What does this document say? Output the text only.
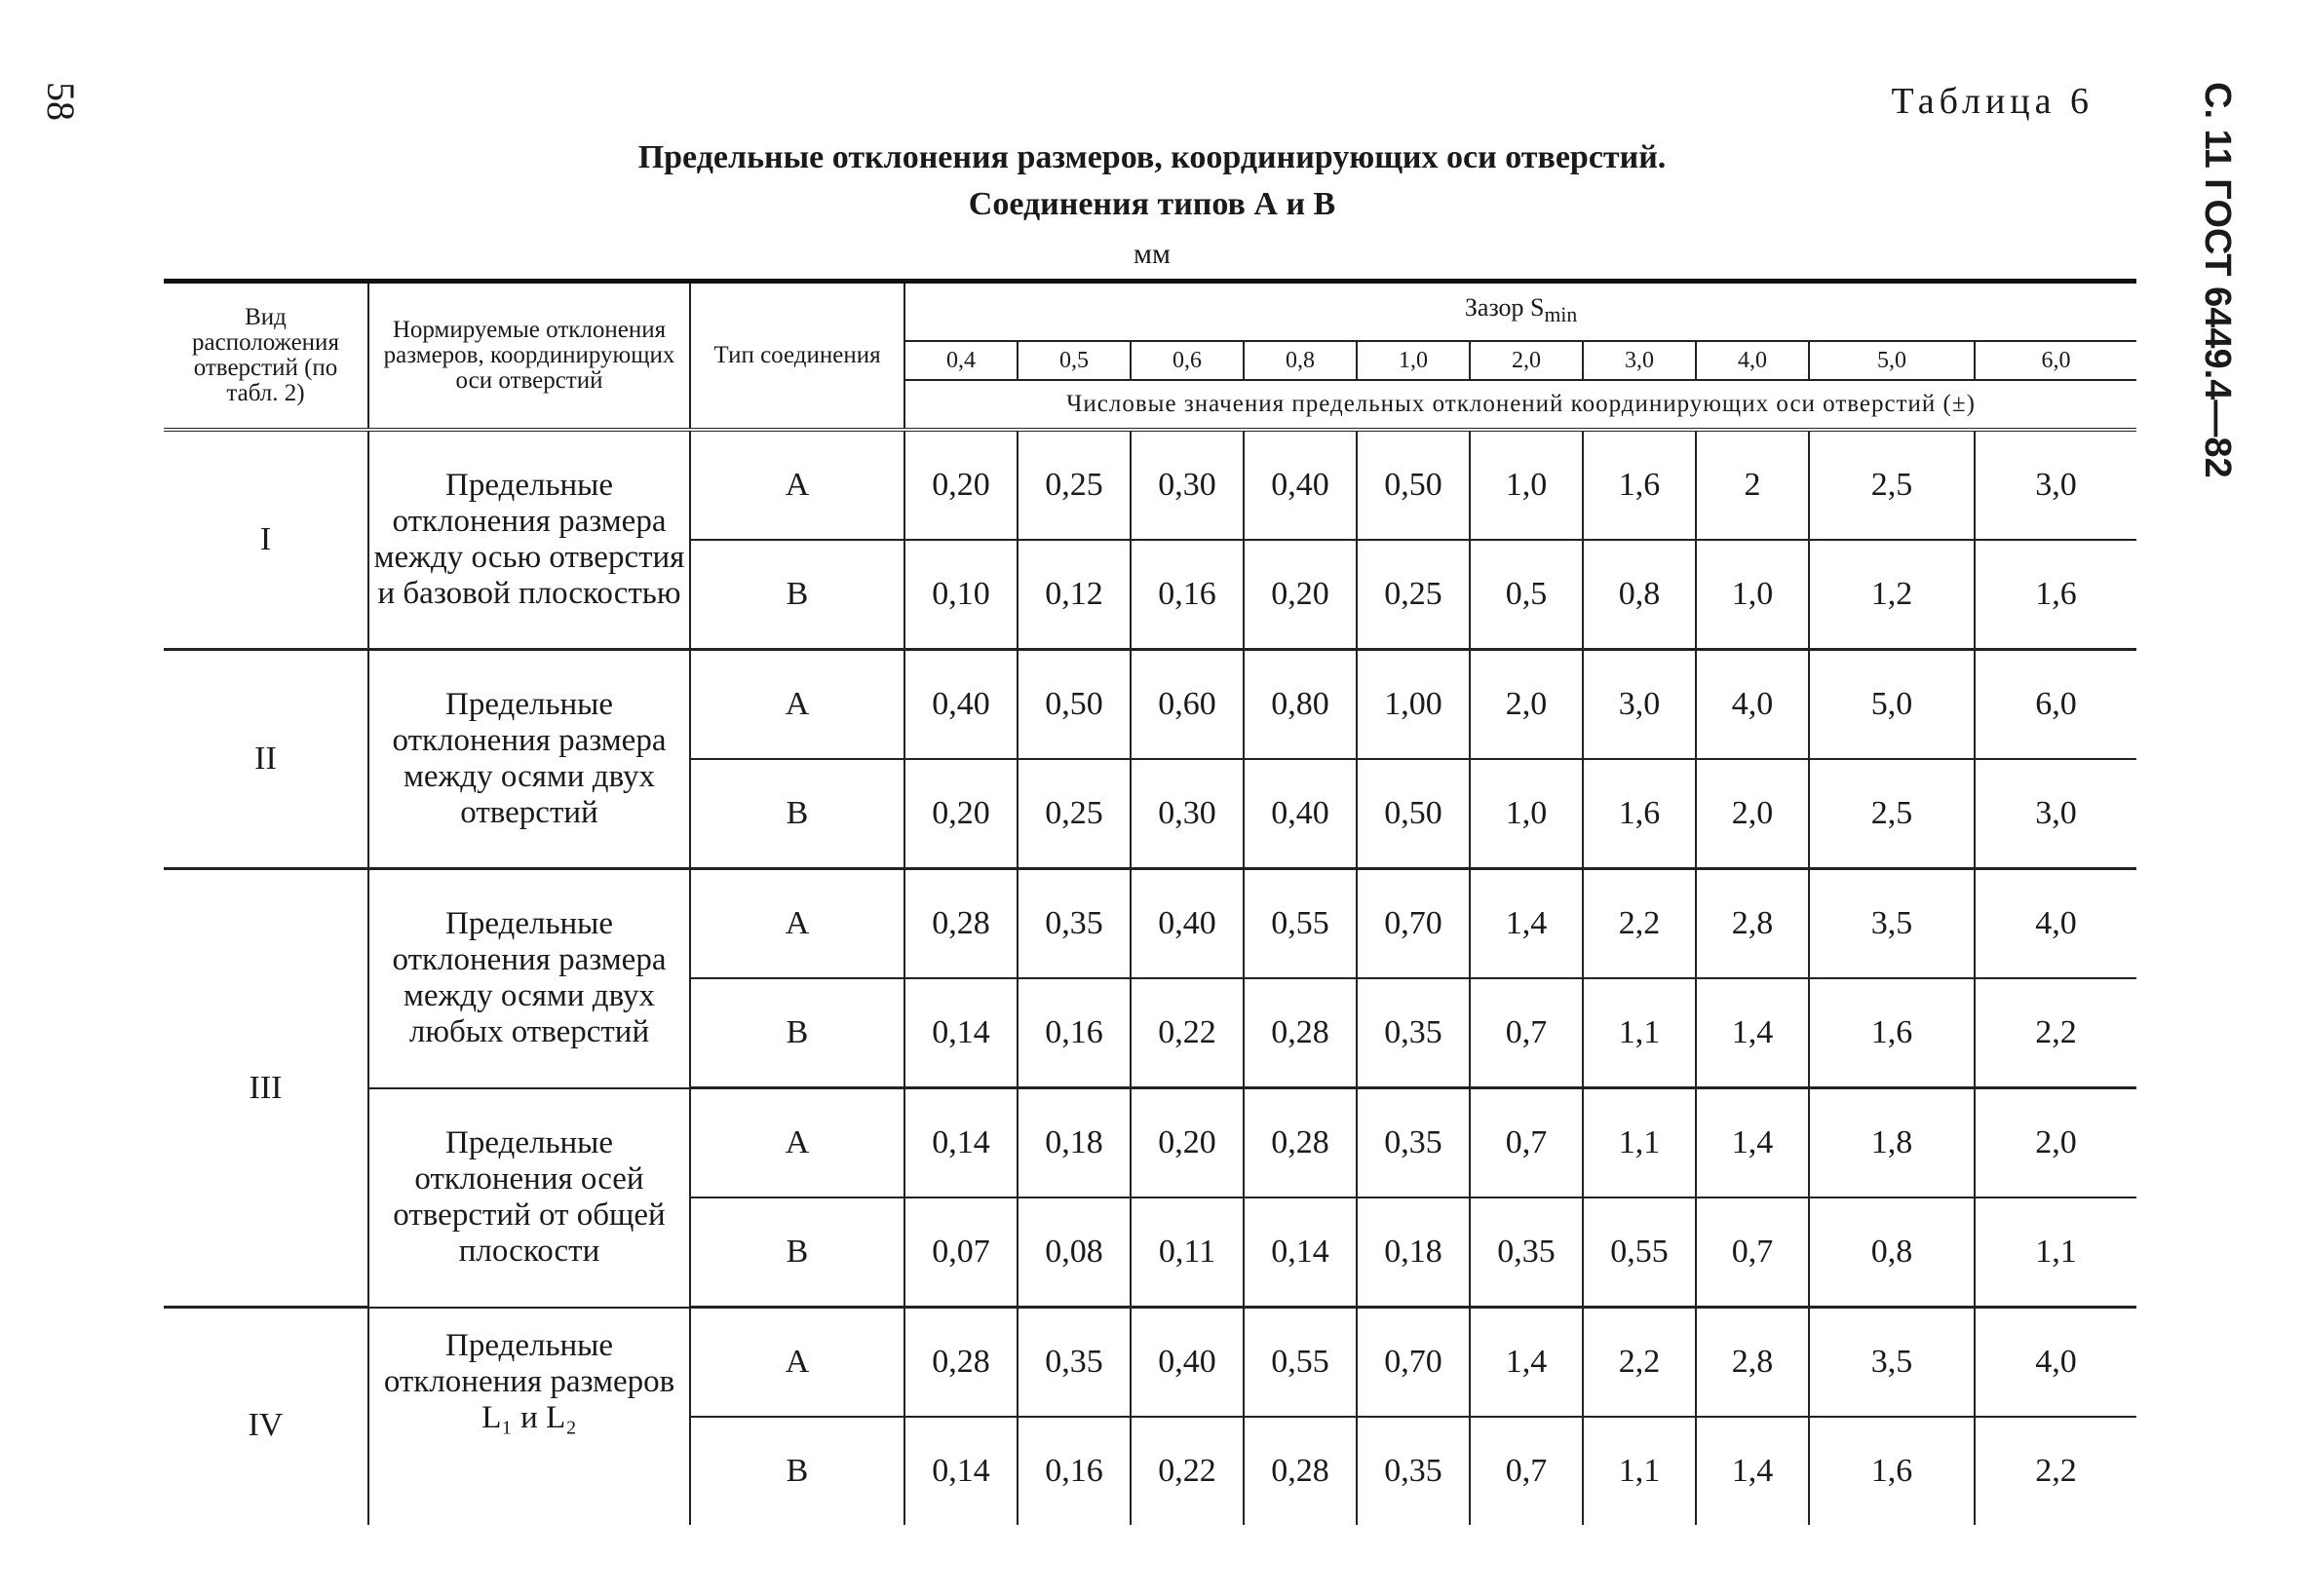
58	С. 11 ГОСТ 6449.4—82
Таблица 6
Предельные отклонения размеров, координирующих оси отверстий.
Соединения типов А и В
мм
Вид расположения отверстий (по табл. 2)	Нормируемые отклонения размеров, координирующих оси отверстий	Тип соединения	Зазор $S_{min}$
			0,4	0,5	0,6	0,8	1,0	2,0	3,0	4,0	5,0	6,0
			Числовые значения предельных отклонений координирующих оси отверстий (±)									
I	Предельные отклонения размера между осью отверстия и базовой плоскостью	А	0,20	0,25	0,30	0,40	0,50	1,0	1,6	2	2,5	3,0
		В	0,10	0,12	0,16	0,20	0,25	0,5	0,8	1,0	1,2	1,6
II	Предельные отклонения размера между осями двух отверстий	А	0,40	0,50	0,60	0,80	1,00	2,0	3,0	4,0	5,0	6,0
		В	0,20	0,25	0,30	0,40	0,50	1,0	1,6	2,0	2,5	3,0
III	Предельные отклонения размера между осями двух любых отверстий	А	0,28	0,35	0,40	0,55	0,70	1,4	2,2	2,8	3,5	4,0
		В	0,14	0,16	0,22	0,28	0,35	0,7	1,1	1,4	1,6	2,2
	Предельные отклонения осей отверстий от общей плоскости	А	0,14	0,18	0,20	0,28	0,35	0,7	1,1	1,4	1,8	2,0
		В	0,07	0,08	0,11	0,14	0,18	0,35	0,55	0,7	0,8	1,1
IV	Предельные отклонения размеров L₁ и L₂	А	0,28	0,35	0,40	0,55	0,70	1,4	2,2	2,8	3,5	4,0
		В	0,14	0,16	0,22	0,28	0,35	0,7	1,1	1,4	1,6	2,2
